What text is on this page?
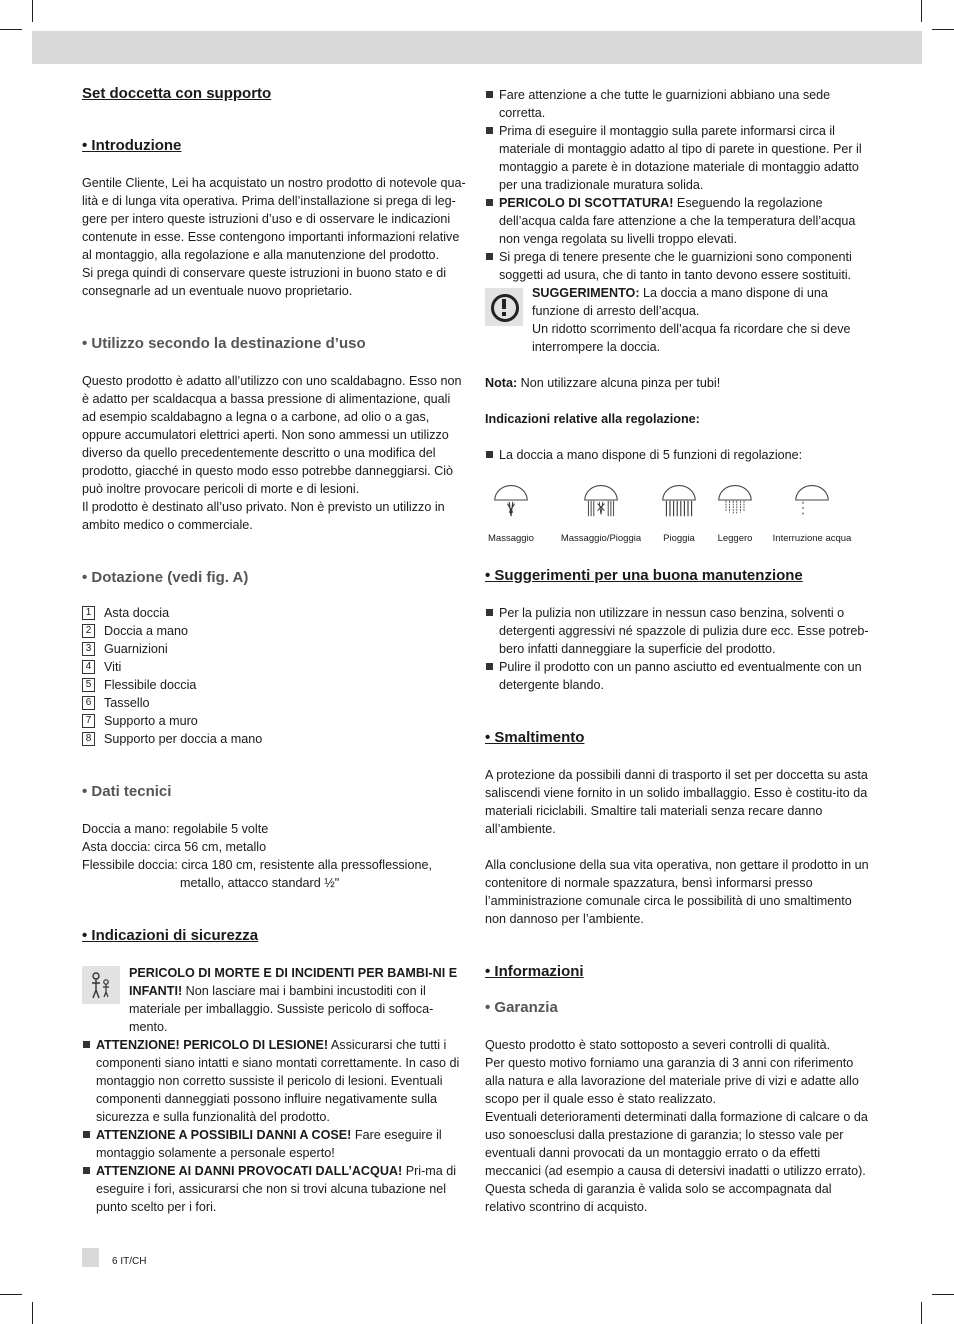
Set doccetta con supporto
• Introduzione

Gentile Cliente, Lei ha acquistato un nostro prodotto di notevole qua-

lità e di lunga vita operativa. Prima dell’installazione si prega di leg-

gere per intero queste istruzioni d’uso e di osservare le indicazioni

contenute in esse. Esse contengono importanti informazioni relative

al montaggio, alla regolazione e alla manutenzione del prodotto.

Si prega quindi di conservare queste istruzioni in buono stato e di

consegnarle ad un eventuale nuovo proprietario.

• Utilizzo secondo la destinazione d’uso

Questo prodotto è adatto all’utilizzo con uno scaldabagno. Esso non

è adatto per scaldacqua a bassa pressione di alimentazione, quali

ad esempio scaldabagno a legna o a carbone, ad olio o a gas,

oppure accumulatori elettrici aperti. Non sono ammessi un utilizzo

diverso da quello precedentemente descritto o una modifica del

prodotto, giacché in questo modo esso potrebbe danneggiarsi. Ciò

può inoltre provocare pericoli di morte e di lesioni.

Il prodotto è destinato all’uso privato. Non è previsto un utilizzo in

ambito medico o commerciale.

• Dotazione (vedi fig. A)
1 Asta doccia
2 Doccia a mano
3 Guarnizioni
4 Viti
5 Flessibile doccia
6 Tassello
7 Supporto a muro
8 Supporto per doccia a mano
• Dati tecnici

Doccia a mano: regolabile 5 volte

Asta doccia: circa 56 cm, metallo

Flessibile doccia: circa 180 cm, resistente alla pressoflessione,

metallo, attacco standard ½"

• Indicazioni di sicurezza

PERICOLO DI MORTE E DI INCIDENTI PER BAMBI-NI E INFANTI! Non lasciare mai i bambini incustoditi con il materiale per imballaggio. Sussiste pericolo di soffoca-mento.

ATTENZIONE! PERICOLO DI LESIONE! Assicurarsi che tutti i componenti siano intatti e siano montati correttamente. In caso di montaggio non corretto sussiste il pericolo di lesioni. Eventuali componenti danneggiati possono influire negativamente sulla sicurezza e sulla funzionalità del prodotto.

ATTENZIONE A POSSIBILI DANNI A COSE! Fare eseguire il montaggio solamente a personale esperto!

ATTENZIONE AI DANNI PROVOCATI DALL’ACQUA! Pri-ma di eseguire i fori, assicurarsi che non si trovi alcuna tubazione nel punto scelto per i fori.

Fare attenzione a che tutte le guarnizioni abbiano una sede corretta.

Prima di eseguire il montaggio sulla parete informarsi circa il materiale di montaggio adatto al tipo di parete in questione. Per il montaggio a parete è in dotazione materiale di montaggio adatto per una tradizionale muratura solida.

PERICOLO DI SCOTTATURA! Eseguendo la regolazione dell’acqua calda fare attenzione a che la temperatura dell’acqua non venga regolata su livelli troppo elevati.

Si prega di tenere presente che le guarnizioni sono componenti soggetti ad usura, che di tanto in tanto devono essere sostituiti.

SUGGERIMENTO: La doccia a mano dispone di una funzione di arresto dell’acqua.

Un ridotto scorrimento dell’acqua fa ricordare che si deve interrompere la doccia.

Nota: Non utilizzare alcuna pinza per tubi!

Indicazioni relative alla regolazione:

La doccia a mano dispone di 5 funzioni di regolazione:

Massaggio	Massaggio/Pioggia Pioggia Leggero Interruzione acqua
• Suggerimenti per una buona manutenzione

Per la pulizia non utilizzare in nessun caso benzina, solventi o detergenti aggressivi né spazzole di pulizia dure ecc. Esse potreb-bero infatti danneggiare la superficie del prodotto.

Pulire il prodotto con un panno asciutto ed eventualmente con un detergente blando.

• Smaltimento

A protezione da possibili danni di trasporto il set per doccetta su asta saliscendi viene fornito in un solido imballaggio. Esso è costitu-ito da materiali riciclabili. Smaltire tali materiali senza recare danno all’ambiente.

Alla conclusione della sua vita operativa, non gettare il prodotto in un contenitore di normale spazzatura, bensì informarsi presso l’amministrazione comunale circa le possibilità di uno smaltimento non dannoso per l’ambiente.

• Informazioni
• Garanzia

Questo prodotto è stato sottoposto a severi controlli di qualità.

Per questo motivo forniamo una garanzia di 3 anni con riferimento alla natura e alla lavorazione del materiale prive di vizi e adatte allo scopo per il quale esso è stato realizzato.

Eventuali deterioramenti determinati dalla formazione di calcare o da uso sonoesclusi dalla prestazione di garanzia; lo stesso vale per eventuali danni provocati da un montaggio errato o da effetti meccanici (ad esempio a causa di detersivi inadatti o utilizzo errato).

Questa scheda di garanzia è valida solo se accompagnata dal relativo scontrino di acquisto.

6 IT/CH
